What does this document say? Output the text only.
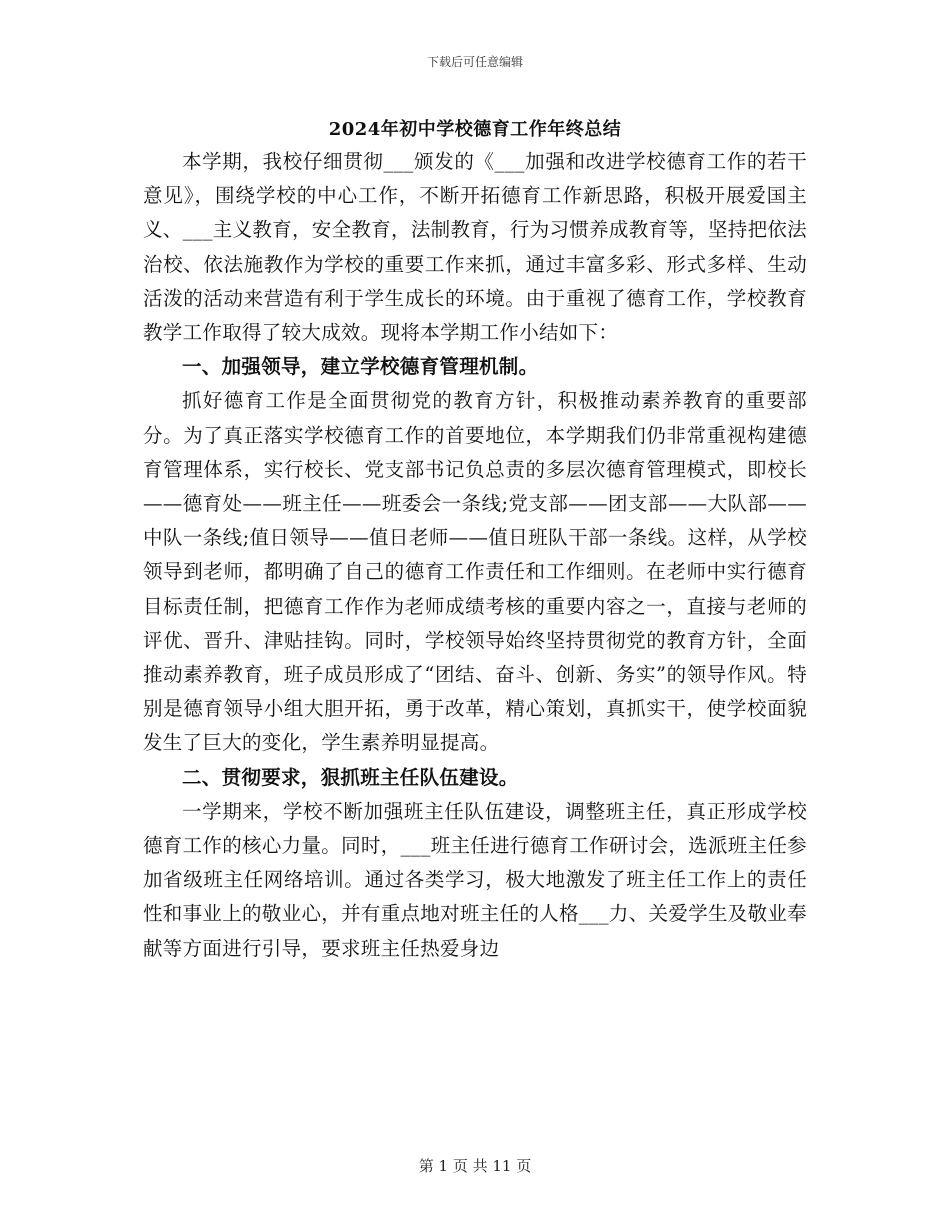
下载后可任意编辑
2024年初中学校德育工作年终总结

本学期，我校仔细贯彻___颁发的《___加强和改进学校德育工作的若干意见》，围绕学校的中心工作，不断开拓德育工作新思路，积极开展爱国主义、___主义教育，安全教育，法制教育，行为习惯养成教育等，坚持把依法治校、依法施教作为学校的重要工作来抓，通过丰富多彩、形式多样、生动活泼的活动来营造有利于学生成长的环境。由于重视了德育工作，学校教育教学工作取得了较大成效。现将本学期工作小结如下：

一、加强领导，建立学校德育管理机制。

抓好德育工作是全面贯彻党的教育方针，积极推动素养教育的重要部分。为了真正落实学校德育工作的首要地位，本学期我们仍非常重视构建德育管理体系，实行校长、党支部书记负总责的多层次德育管理模式，即校长——德育处——班主任——班委会一条线;党支部——团支部——大队部——中队一条线;值日领导——值日老师——值日班队干部一条线。这样，从学校领导到老师，都明确了自己的德育工作责任和工作细则。在老师中实行德育目标责任制，把德育工作作为老师成绩考核的重要内容之一，直接与老师的评优、晋升、津贴挂钩。同时，学校领导始终坚持贯彻党的教育方针，全面推动素养教育，班子成员形成了“团结、奋斗、创新、务实”的领导作风。特别是德育领导小组大胆开拓，勇于改革，精心策划，真抓实干，使学校面貌发生了巨大的变化，学生素养明显提高。

二、贯彻要求，狠抓班主任队伍建设。

一学期来，学校不断加强班主任队伍建设，调整班主任，真正形成学校德育工作的核心力量。同时，___班主任进行德育工作研讨会，选派班主任参加省级班主任网络培训。通过各类学习，极大地激发了班主任工作上的责任性和事业上的敬业心，并有重点地对班主任的人格___力、关爱学生及敬业奉献等方面进行引导，要求班主任热爱身边

第 1 页 共 11 页
